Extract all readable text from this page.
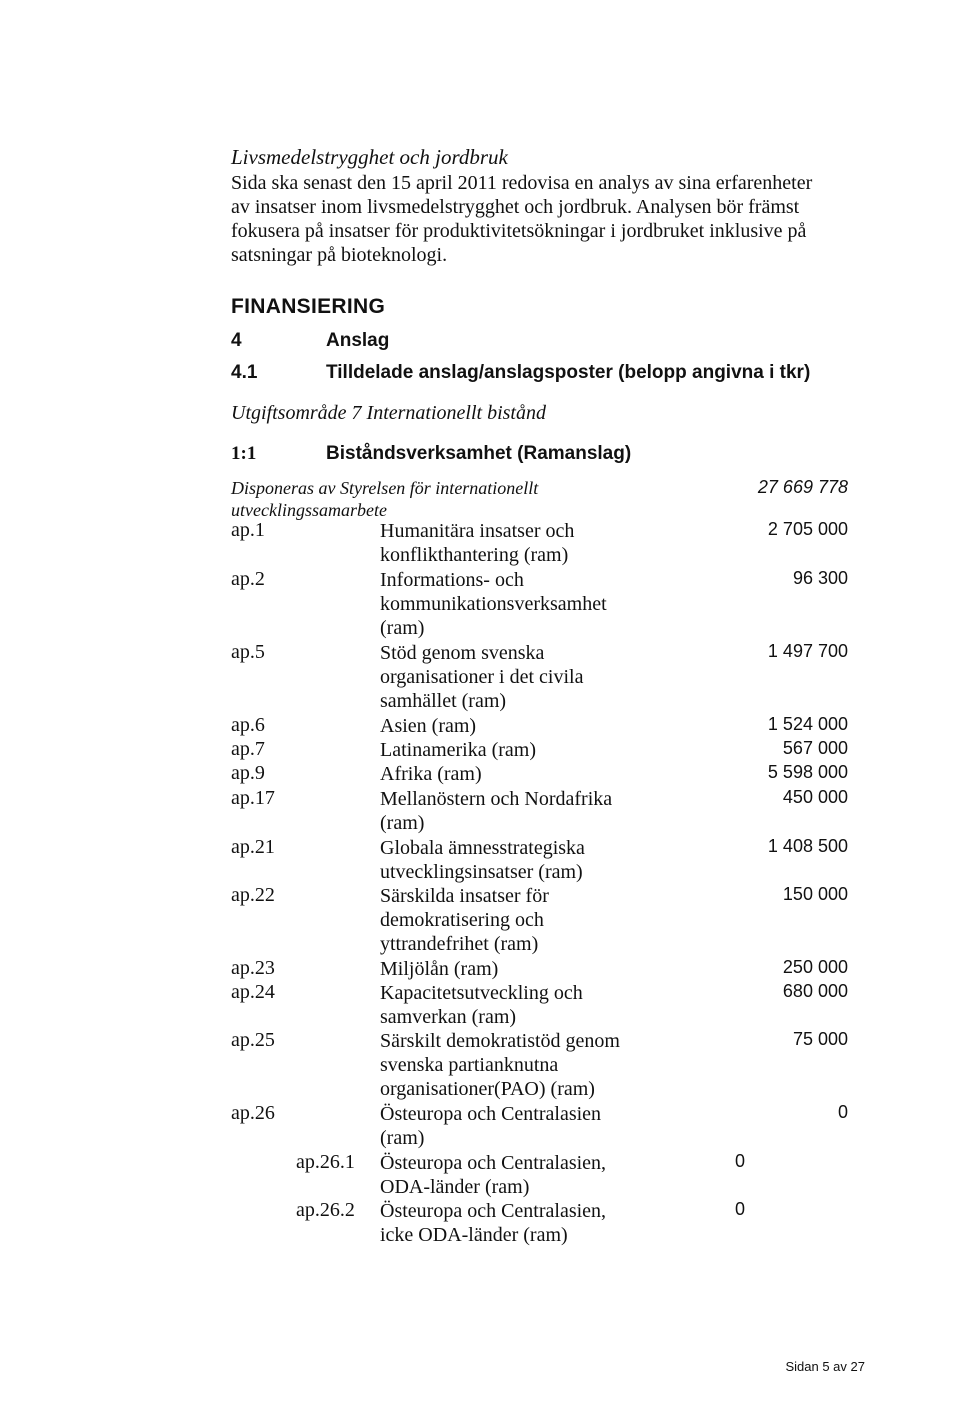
Livsmedelstrygghet och jordbruk
Sida ska senast den 15 april 2011 redovisa en analys av sina erfarenheter
av insatser inom livsmedelstrygghet och jordbruk. Analysen bör främst
fokusera på insatser för produktivitetsökningar i jordbruket inklusive på
satsningar på bioteknologi.
FINANSIERING
4	Anslag
4.1	Tilldelade anslag/anslagsposter (belopp angivna i tkr)
Utgiftsområde 7 Internationellt bistånd
1:1	Biståndsverksamhet (Ramanslag)
Disponeras av Styrelsen för internationellt
utvecklingssamarbete
27 669 778
ap.1	Humanitära insatser och
konflikthantering (ram)
2 705 000
ap.2	Informations- och
kommunikationsverksamhet
(ram)
96 300
ap.5	Stöd genom svenska
organisationer i det civila
samhället (ram)
1 497 700
ap.6	Asien (ram)	1 524 000
ap.7	Latinamerika (ram)	567 000
ap.9	Afrika (ram)	5 598 000
ap.17	Mellanöstern och Nordafrika
(ram)
450 000
ap.21	Globala ämnesstrategiska
utvecklingsinsatser (ram)
1 408 500
ap.22	Särskilda insatser för
demokratisering och
yttrandefrihet (ram)
150 000
ap.23	Miljölån (ram)	250 000
ap.24	Kapacitetsutveckling och
samverkan (ram)
680 000
ap.25	Särskilt demokratistöd genom
svenska partianknutna
organisationer(PAO) (ram)
75 000
ap.26	Östeuropa och Centralasien
(ram)
0
ap.26.1 Östeuropa och Centralasien,
ODA-länder (ram)
0
ap.26.2 Östeuropa och Centralasien,
icke ODA-länder (ram)
0
Sidan 5 av 27
